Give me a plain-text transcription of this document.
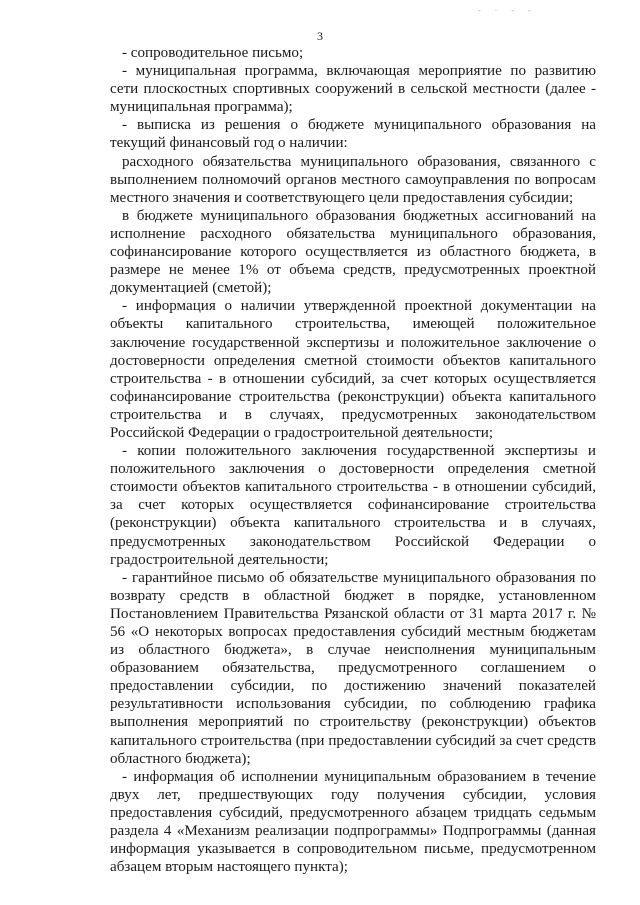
- · - -
3

- сопроводительное письмо;

- муниципальная программа, включающая мероприятие по развитию сети плоскостных спортивных сооружений в сельской местности (далее - муниципальная программа);

- выписка из решения о бюджете муниципального образования на текущий финансовый год о наличии:

расходного обязательства муниципального образования, связанного с выполнением полномочий органов местного самоуправления по вопросам местного значения и соответствующего цели предоставления субсидии;

в бюджете муниципального образования бюджетных ассигнований на исполнение расходного обязательства муниципального образования, софинансирование которого осуществляется из областного бюджета, в размере не менее 1% от объема средств, предусмотренных проектной документацией (сметой);

- информация о наличии утвержденной проектной документации на объекты капитального строительства, имеющей положительное заключение государственной экспертизы и положительное заключение о достоверности определения сметной стоимости объектов капитального строительства - в отношении субсидий, за счет которых осуществляется софинансирование строительства (реконструкции) объекта капитального строительства и в случаях, предусмотренных законодательством Российской Федерации о градостроительной деятельности;

- копии положительного заключения государственной экспертизы и положительного заключения о достоверности определения сметной стоимости объектов капитального строительства - в отношении субсидий, за счет которых осуществляется софинансирование строительства (реконструкции) объекта капитального строительства и в случаях, предусмотренных законодательством Российской Федерации о градостроительной деятельности;

- гарантийное письмо об обязательстве муниципального образования по возврату средств в областной бюджет в порядке, установленном Постановлением Правительства Рязанской области от 31 марта 2017 г. № 56 «О некоторых вопросах предоставления субсидий местным бюджетам из областного бюджета», в случае неисполнения муниципальным образованием обязательства, предусмотренного соглашением о предоставлении субсидии, по достижению значений показателей результативности использования субсидии, по соблюдению графика выполнения мероприятий по строительству (реконструкции) объектов капитального строительства (при предоставлении субсидий за счет средств областного бюджета);

- информация об исполнении муниципальным образованием в течение двух лет, предшествующих году получения субсидии, условия предоставления субсидий, предусмотренного абзацем тридцать седьмым раздела 4 «Механизм реализации подпрограммы» Подпрограммы (данная информация указывается в сопроводительном письме, предусмотренном абзацем вторым настоящего пункта);
